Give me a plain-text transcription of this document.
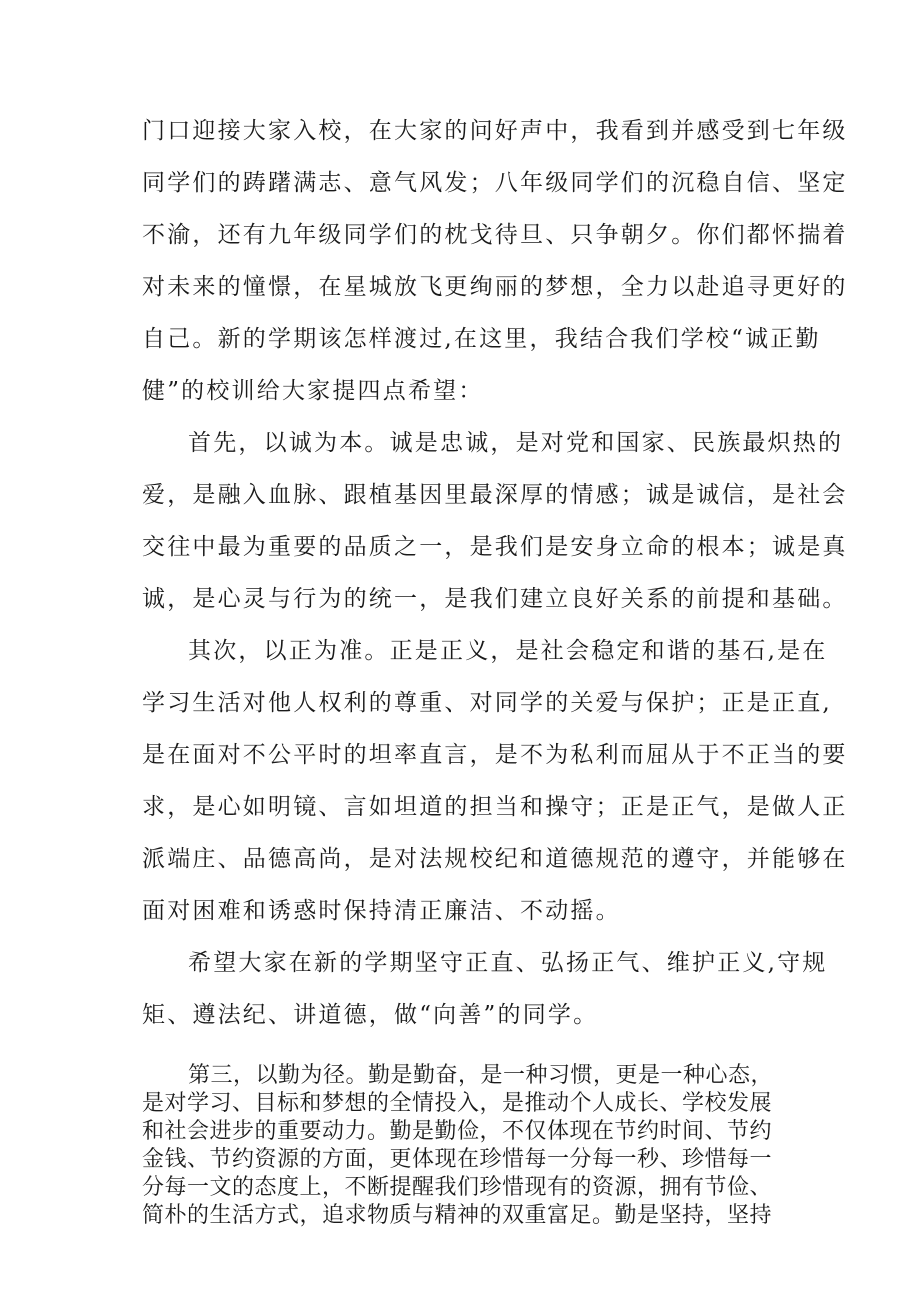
门口迎接大家入校，在大家的问好声中，我看到并感受到七年级

同学们的踌躇满志、意气风发；八年级同学们的沉稳自信、坚定

不渝，还有九年级同学们的枕戈待旦、只争朝夕。你们都怀揣着

对未来的憧憬，在星城放飞更绚丽的梦想，全力以赴追寻更好的

自己。新的学期该怎样渡过,在这里，我结合我们学校“诚正勤

健”的校训给大家提四点希望：

首先，以诚为本。诚是忠诚，是对党和国家、民族最炽热的

爱，是融入血脉、跟植基因里最深厚的情感；诚是诚信，是社会

交往中最为重要的品质之一，是我们是安身立命的根本；诚是真

诚，是心灵与行为的统一，是我们建立良好关系的前提和基础。

其次，以正为准。正是正义，是社会稳定和谐的基石,是在

学习生活对他人权利的尊重、对同学的关爱与保护；正是正直,

是在面对不公平时的坦率直言，是不为私利而屈从于不正当的要

求，是心如明镜、言如坦道的担当和操守；正是正气，是做人正

派端庄、品德高尚，是对法规校纪和道德规范的遵守，并能够在

面对困难和诱惑时保持清正廉洁、不动摇。

希望大家在新的学期坚守正直、弘扬正气、维护正义,守规

矩、遵法纪、讲道德，做“向善”的同学。

第三，以勤为径。勤是勤奋，是一种习惯，更是一种心态，

是对学习、目标和梦想的全情投入，是推动个人成长、学校发展

和社会进步的重要动力。勤是勤俭，不仅体现在节约时间、节约

金钱、节约资源的方面，更体现在珍惜每一分每一秒、珍惜每一

分每一文的态度上，不断提醒我们珍惜现有的资源，拥有节俭、

简朴的生活方式，追求物质与精神的双重富足。勤是坚持，坚持
